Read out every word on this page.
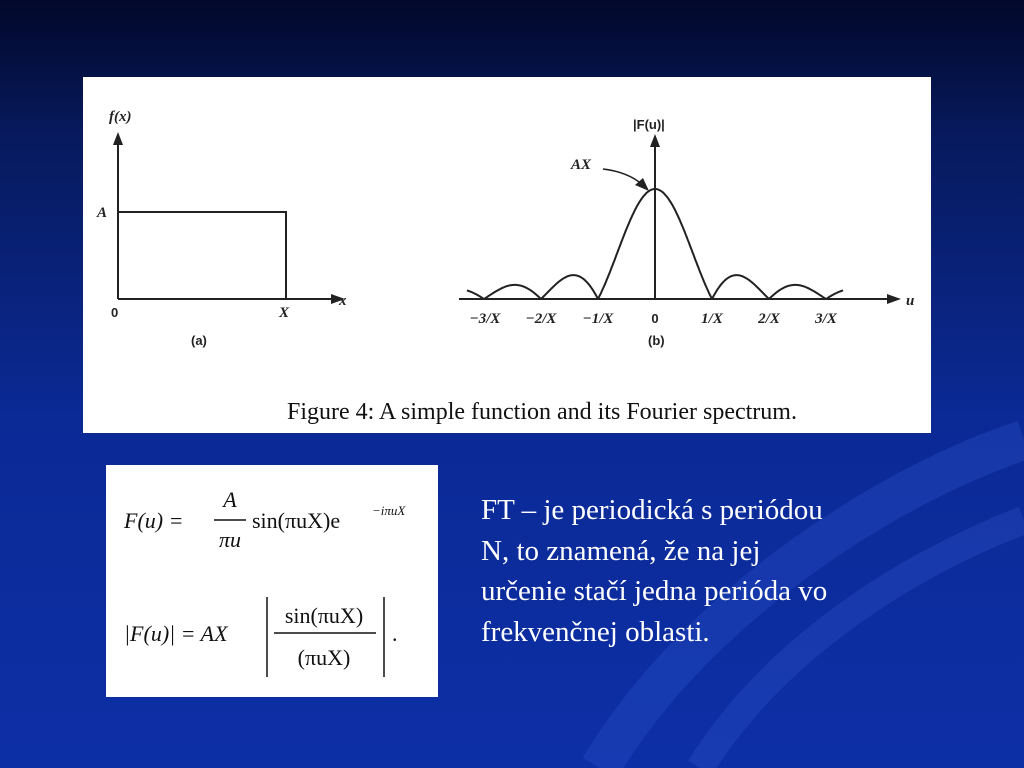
f(x)
x
A
0	X
(a)
|F(u)|
u
AX
−3/X −2/X −1/X	0	1/X 2/X 3/X
(b)
Figure 4: A simple function and its Fourier spectrum.
F(u) =
A
πu
sin(πuX)e −iπuX
|F(u)| = AX
sin(πuX)
(πuX)
.
FT – je periodická s periódou
N, to znamená, že na jej
určenie stačí jedna perióda vo
frekvenčnej oblasti.
